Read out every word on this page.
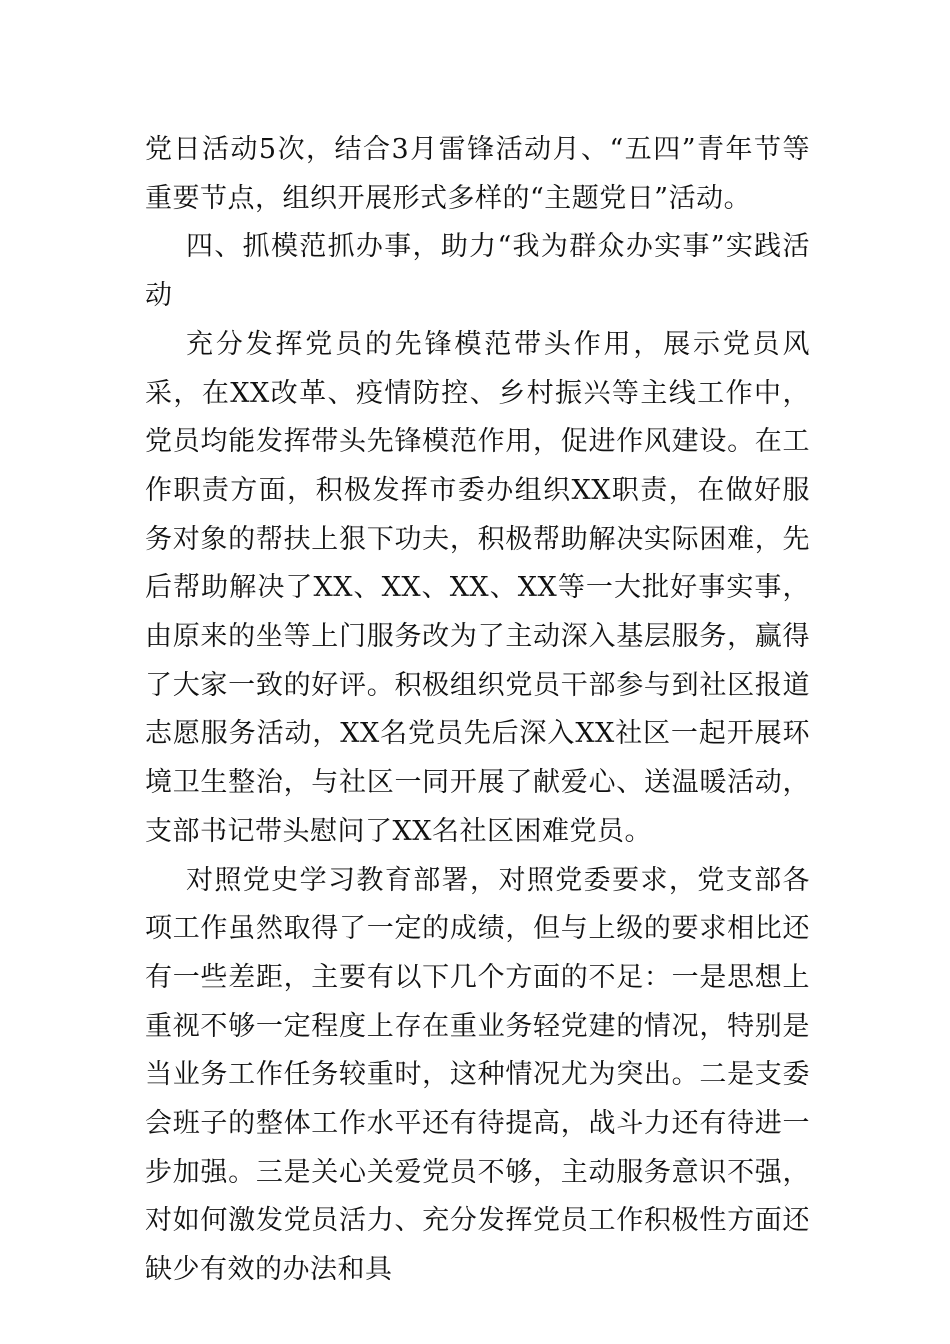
党日活动5次，结合3月雷锋活动月、“五四”青年节等重要节点，组织开展形式多样的“主题党日”活动。

四、抓模范抓办事，助力“我为群众办实事”实践活动

充分发挥党员的先锋模范带头作用，展示党员风采，在XX改革、疫情防控、乡村振兴等主线工作中，党员均能发挥带头先锋模范作用，促进作风建设。在工作职责方面，积极发挥市委办组织XX职责，在做好服务对象的帮扶上狠下功夫，积极帮助解决实际困难，先后帮助解决了XX、XX、XX、XX等一大批好事实事，由原来的坐等上门服务改为了主动深入基层服务，赢得了大家一致的好评。积极组织党员干部参与到社区报道志愿服务活动，XX名党员先后深入XX社区一起开展环境卫生整治，与社区一同开展了献爱心、送温暖活动，支部书记带头慰问了XX名社区困难党员。

对照党史学习教育部署，对照党委要求，党支部各项工作虽然取得了一定的成绩，但与上级的要求相比还有一些差距，主要有以下几个方面的不足：一是思想上重视不够一定程度上存在重业务轻党建的情况，特别是当业务工作任务较重时，这种情况尤为突出。二是支委会班子的整体工作水平还有待提高，战斗力还有待进一步加强。三是关心关爱党员不够，主动服务意识不强，对如何激发党员活力、充分发挥党员工作积极性方面还缺少有效的办法和具
